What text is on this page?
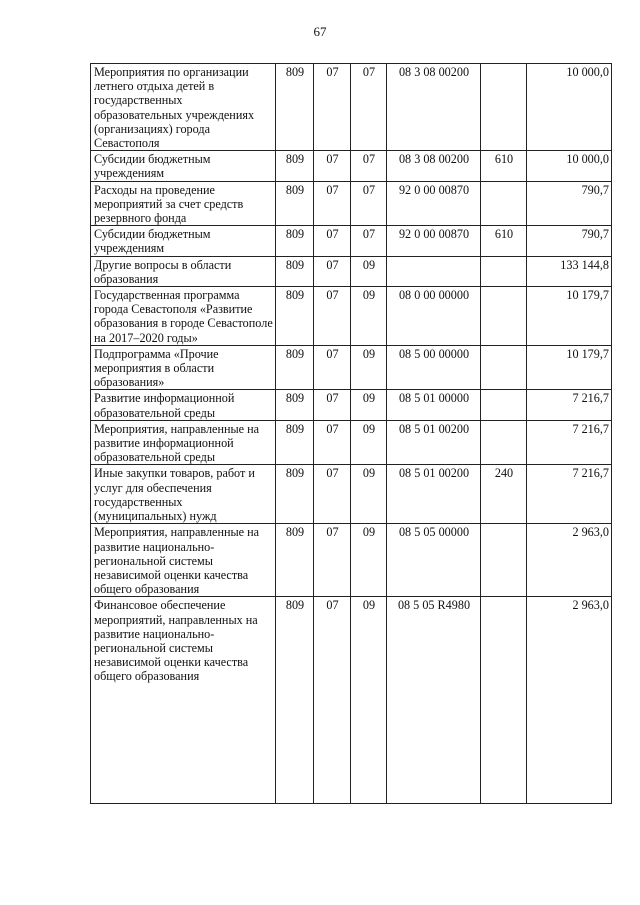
67
Мероприятия по организации летнего отдыха детей в государственных образовательных учреждениях (организациях) города Севастополя	809	07	07	08 3 08 00200		10 000,0
Субсидии бюджетным учреждениям	809	07	07	08 3 08 00200	610	10 000,0
Расходы на проведение мероприятий за счет средств резервного фонда	809	07	07	92 0 00 00870		790,7
Субсидии бюджетным учреждениям	809	07	07	92 0 00 00870	610	790,7
Другие вопросы в области образования	809	07	09			133 144,8
Государственная программа города Севастополя «Развитие образования в городе Севастополе на 2017–2020 годы»	809	07	09	08 0 00 00000		10 179,7
Подпрограмма «Прочие мероприятия в области образования»	809	07	09	08 5 00 00000		10 179,7
Развитие информационной образовательной среды	809	07	09	08 5 01 00000		7 216,7
Мероприятия, направленные на развитие информационной образовательной среды	809	07	09	08 5 01 00200		7 216,7
Иные закупки товаров, работ и услуг для обеспечения государственных (муниципальных) нужд	809	07	09	08 5 01 00200	240	7 216,7
Мероприятия, направленные на развитие национально-региональной системы независимой оценки качества общего образования	809	07	09	08 5 05 00000		2 963,0
Финансовое обеспечение мероприятий, направленных на развитие национально-региональной системы независимой оценки качества общего образования	809	07	09	08 5 05 R4980		2 963,0
